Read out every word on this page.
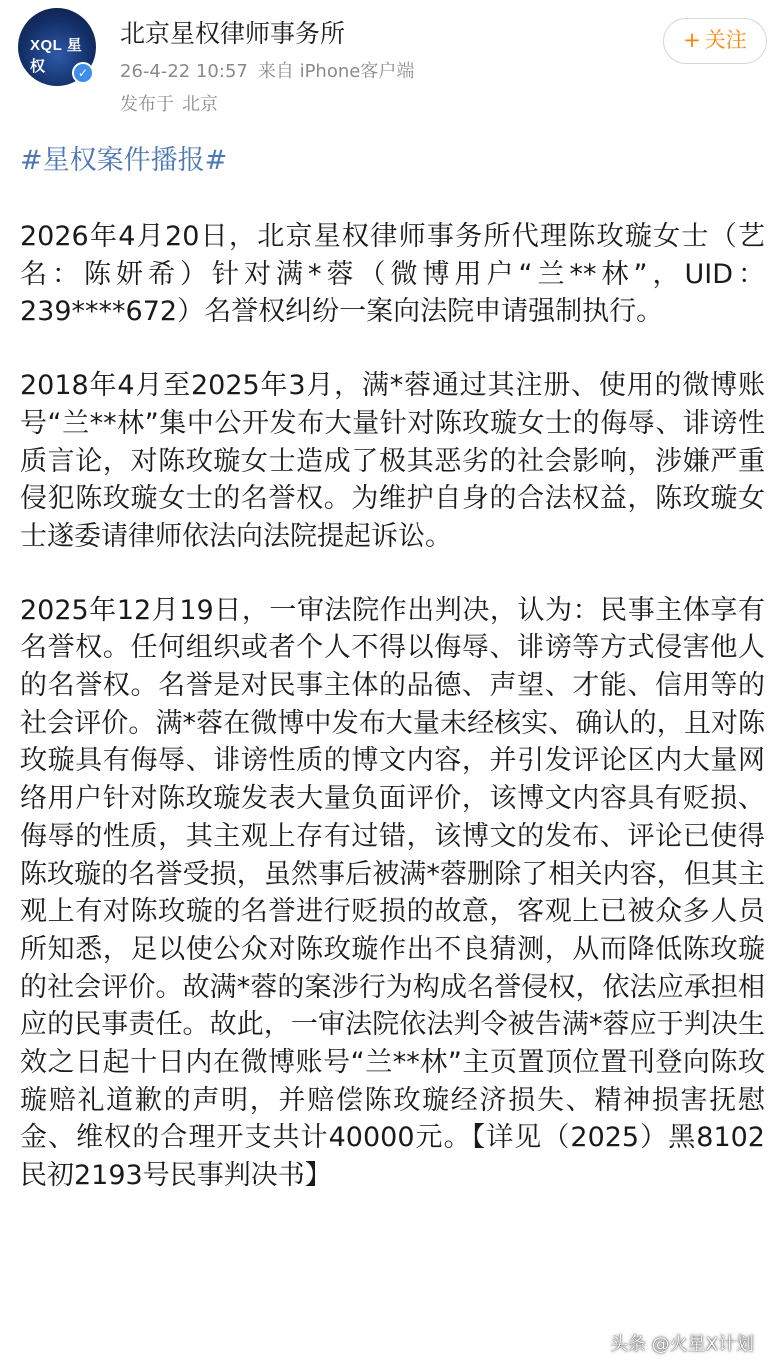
XQL 星权	✓
北京星权律师事务所
26-4-22 10:57 来自 iPhone客户端
发布于 北京
+ 关注
#星权案件播报#

2026年4月20日，北京星权律师事务所代理陈玫璇女士（艺名：陈妍希）针对满*蓉（微博用户“兰**林”，UID：239****672）名誉权纠纷一案向法院申请强制执行。

2018年4月至2025年3月，满*蓉通过其注册、使用的微博账号“兰**林”集中公开发布大量针对陈玫璇女士的侮辱、诽谤性质言论，对陈玫璇女士造成了极其恶劣的社会影响，涉嫌严重侵犯陈玫璇女士的名誉权。为维护自身的合法权益，陈玫璇女士遂委请律师依法向法院提起诉讼。

2025年12月19日，一审法院作出判决，认为：民事主体享有名誉权。任何组织或者个人不得以侮辱、诽谤等方式侵害他人的名誉权。名誉是对民事主体的品德、声望、才能、信用等的社会评价。满*蓉在微博中发布大量未经核实、确认的，且对陈玫璇具有侮辱、诽谤性质的博文内容，并引发评论区内大量网络用户针对陈玫璇发表大量负面评价，该博文内容具有贬损、侮辱的性质，其主观上存有过错，该博文的发布、评论已使得陈玫璇的名誉受损，虽然事后被满*蓉删除了相关内容，但其主观上有对陈玫璇的名誉进行贬损的故意，客观上已被众多人员所知悉，足以使公众对陈玫璇作出不良猜测，从而降低陈玫璇的社会评价。故满*蓉的案涉行为构成名誉侵权，依法应承担相应的民事责任。故此，一审法院依法判令被告满*蓉应于判决生效之日起十日内在微博账号“兰**林”主页置顶位置刊登向陈玫璇赔礼道歉的声明，并赔偿陈玫璇经济损失、精神损害抚慰金、维权的合理开支共计40000元。【详见（2025）黑8102民初2193号民事判决书】

头条 @火星X计划
